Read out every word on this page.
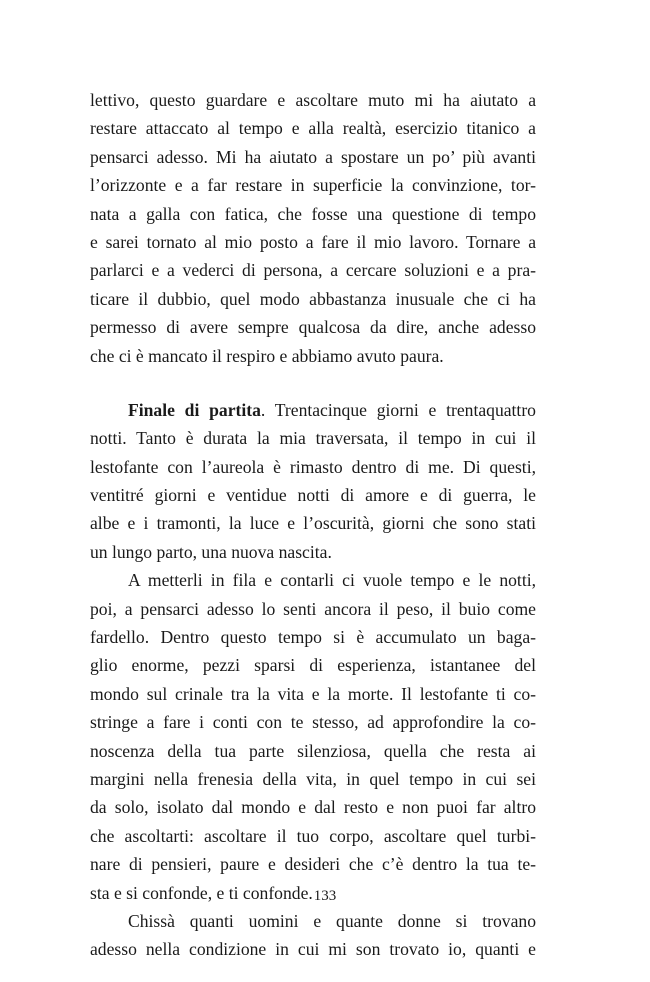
lettivo, questo guardare e ascoltare muto mi ha aiutato a
restare attaccato al tempo e alla realtà, esercizio titanico a
pensarci adesso. Mi ha aiutato a spostare un po’ più avanti
l’orizzonte e a far restare in superficie la convinzione, tor-
nata a galla con fatica, che fosse una questione di tempo
e sarei tornato al mio posto a fare il mio lavoro. Tornare a
parlarci e a vederci di persona, a cercare soluzioni e a pra-
ticare il dubbio, quel modo abbastanza inusuale che ci ha
permesso di avere sempre qualcosa da dire, anche adesso
che ci è mancato il respiro e abbiamo avuto paura.
Finale di partita. Trentacinque giorni e trentaquattro
notti. Tanto è durata la mia traversata, il tempo in cui il
lestofante con l’aureola è rimasto dentro di me. Di questi,
ventitré giorni e ventidue notti di amore e di guerra, le
albe e i tramonti, la luce e l’oscurità, giorni che sono stati
un lungo parto, una nuova nascita.
A metterli in fila e contarli ci vuole tempo e le notti,
poi, a pensarci adesso lo senti ancora il peso, il buio come
fardello. Dentro questo tempo si è accumulato un baga-
glio enorme, pezzi sparsi di esperienza, istantanee del
mondo sul crinale tra la vita e la morte. Il lestofante ti co-
stringe a fare i conti con te stesso, ad approfondire la co-
noscenza della tua parte silenziosa, quella che resta ai
margini nella frenesia della vita, in quel tempo in cui sei
da solo, isolato dal mondo e dal resto e non puoi far altro
che ascoltarti: ascoltare il tuo corpo, ascoltare quel turbi-
nare di pensieri, paure e desideri che c’è dentro la tua te-
sta e si confonde, e ti confonde.
Chissà quanti uomini e quante donne si trovano
adesso nella condizione in cui mi son trovato io, quanti e
133
